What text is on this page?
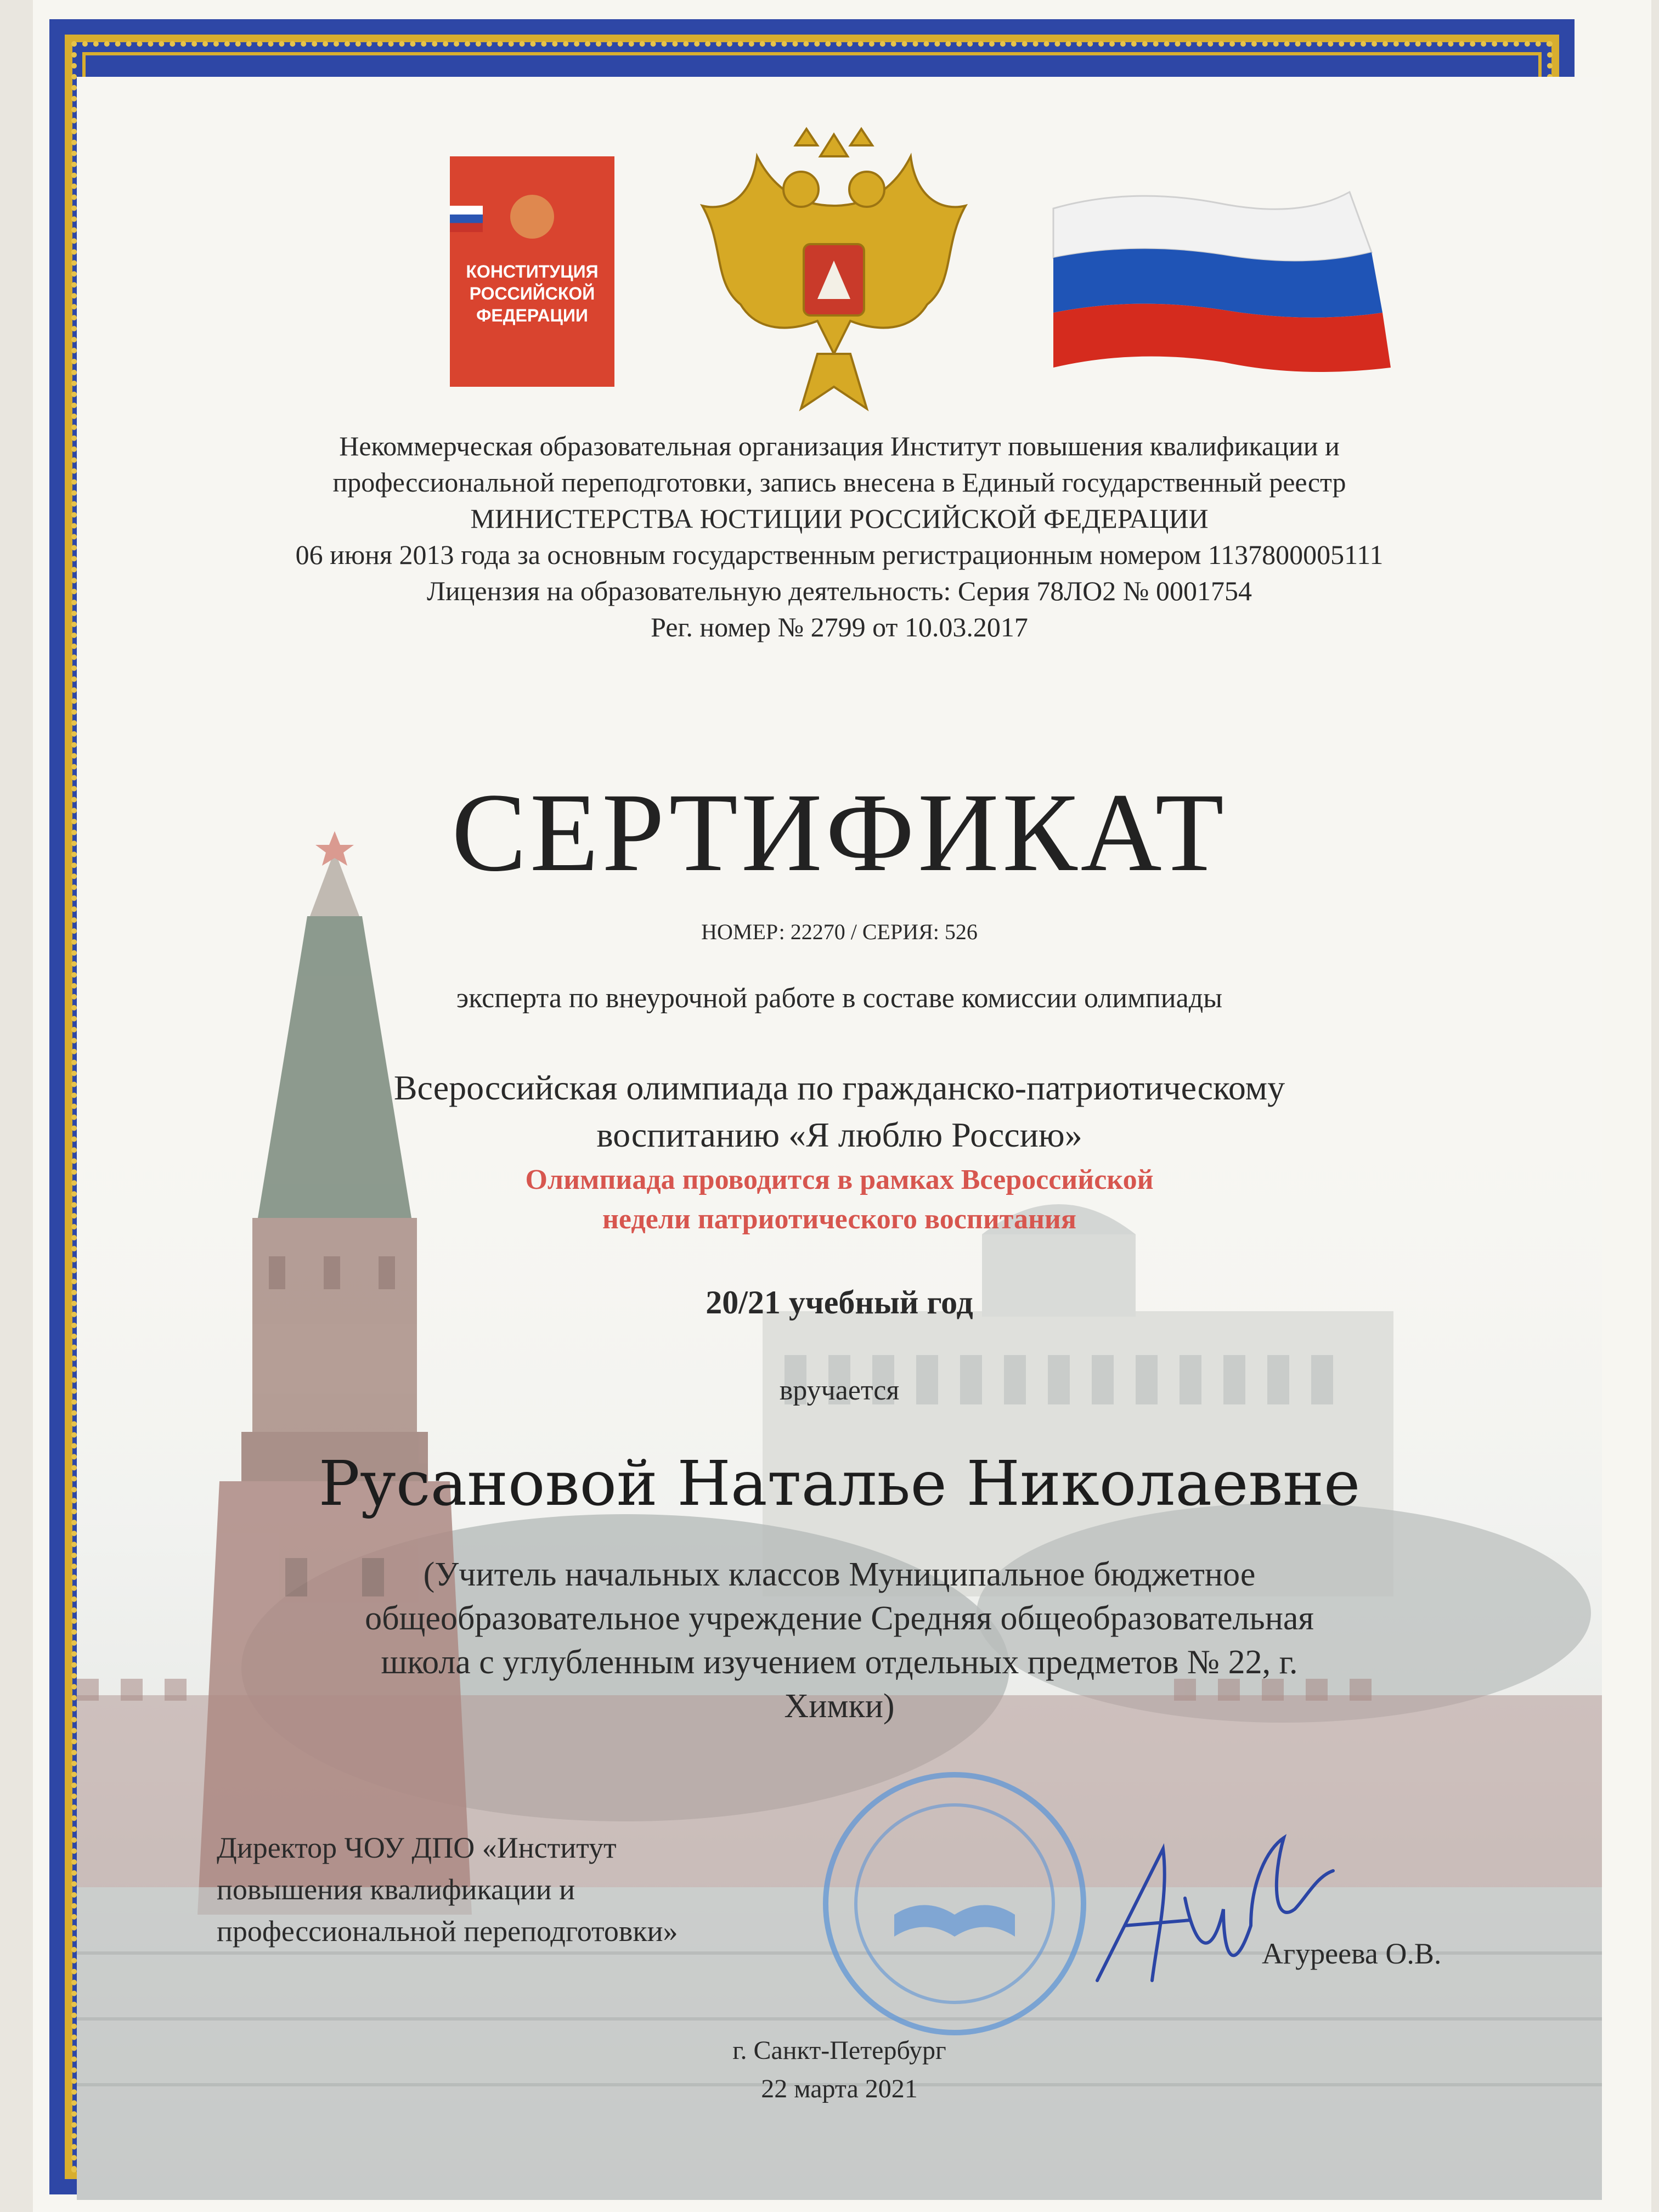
КОНСТИТУЦИЯ
РОССИЙСКОЙ
ФЕДЕРАЦИИ
Некоммерческая образовательная организация Институт повышения квалификации и
профессиональной переподготовки, запись внесена в Единый государственный реестр
МИНИСТЕРСТВА ЮСТИЦИИ РОССИЙСКОЙ ФЕДЕРАЦИИ
06 июня 2013 года за основным государственным регистрационным номером 1137800005111
Лицензия на образовательную деятельность: Серия 78ЛО2 № 0001754
Рег. номер № 2799 от 10.03.2017
СЕРТИФИКАТ
НОМЕР: 22270 / СЕРИЯ: 526
эксперта по внеурочной работе в составе комиссии олимпиады
Всероссийская олимпиада по гражданско-патриотическому
воспитанию «Я люблю Россию»
Олимпиада проводится в рамках Всероссийской
недели патриотического воспитания
20/21 учебный год
вручается
Русановой Наталье Николаевне
(Учитель начальных классов Муниципальное бюджетное
общеобразовательное учреждение Средняя общеобразовательная
школа с углубленным изучением отдельных предметов № 22, г.
Химки)
Директор ЧОУ ДПО «Институт
повышения квалификации и
профессиональной переподготовки»
Агуреева О.В.
г. Санкт-Петербург
22 марта 2021
